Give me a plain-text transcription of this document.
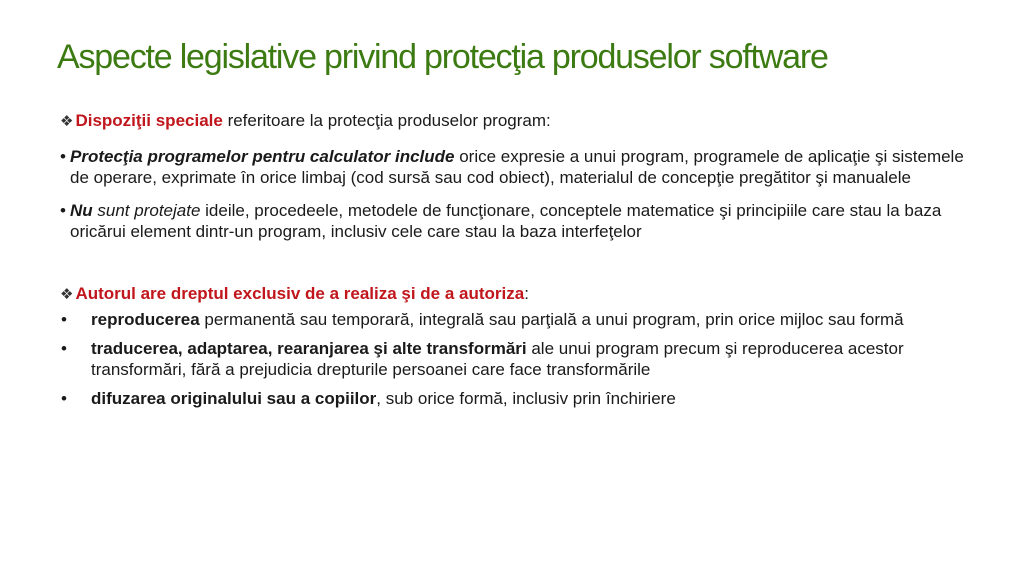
Aspecte legislative privind protecţia produselor software

❖ Dispoziţii speciale referitoare la protecţia produselor program:

• Protecţia programelor pentru calculator include orice expresie a unui program, programele de aplicaţie şi sistemele de operare, exprimate în orice limbaj (cod sursă sau cod obiect), materialul de concepţie pregătitor şi manualele

• Nu sunt protejate ideile, procedeele, metodele de funcţionare, conceptele matematice şi principiile care stau la baza oricărui element dintr-un program, inclusiv cele care stau la baza interfeţelor

❖ Autorul are dreptul exclusiv de a realiza şi de a autoriza:

• reproducerea permanentă sau temporară, integrală sau parţială a unui program, prin orice mijloc sau formă
• traducerea, adaptarea, rearanjarea şi alte transformări ale unui program precum şi reproducerea acestor transformări, fără a prejudicia drepturile persoanei care face transformările
• difuzarea originalului sau a copiilor, sub orice formă, inclusiv prin închiriere
